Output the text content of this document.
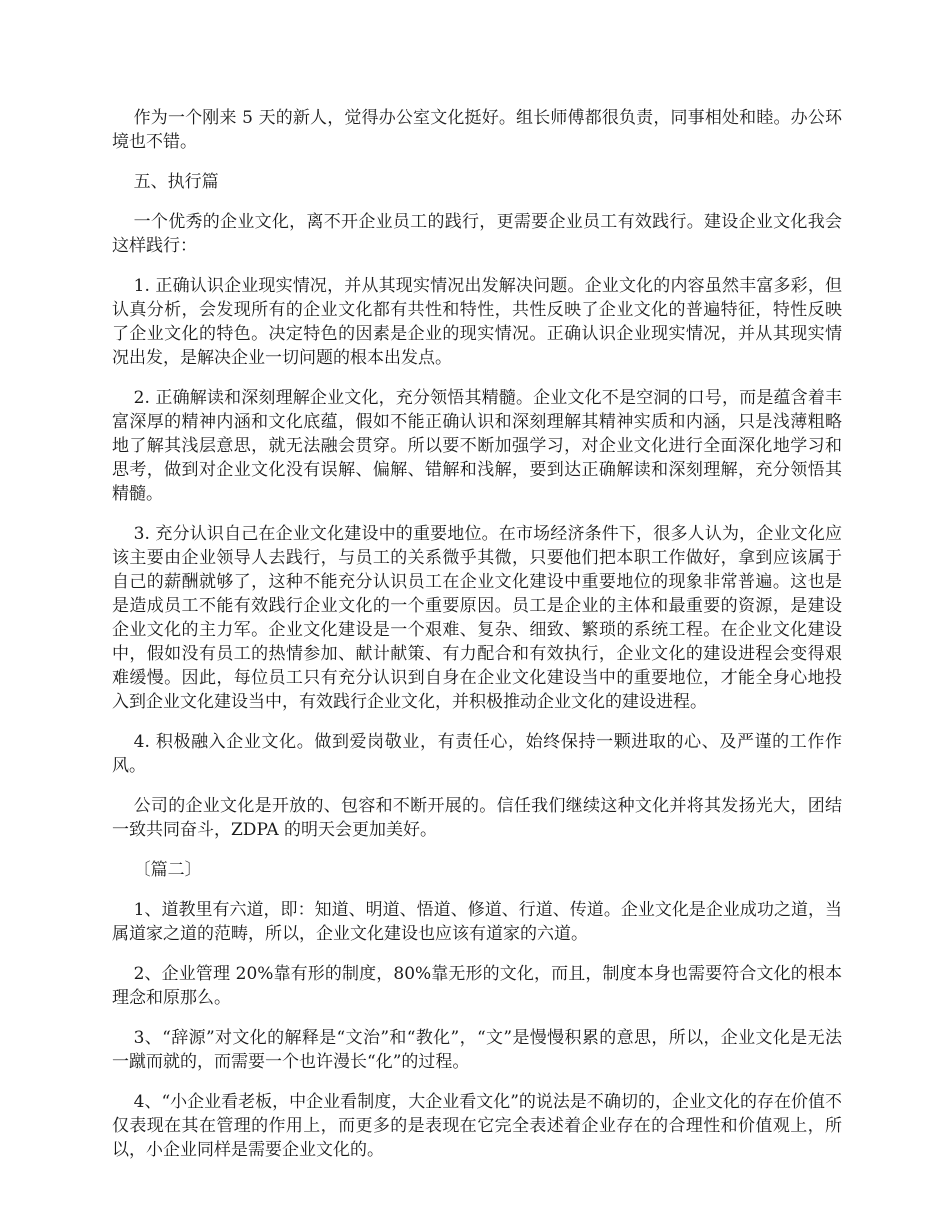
作为一个刚来 5 天的新人，觉得办公室文化挺好。组长师傅都很负责，同事相处和睦。办公环境也不错。

五、执行篇

一个优秀的企业文化，离不开企业员工的践行，更需要企业员工有效践行。建设企业文化我会这样践行：

1. 正确认识企业现实情况，并从其现实情况出发解决问题。企业文化的内容虽然丰富多彩，但认真分析，会发现所有的企业文化都有共性和特性，共性反映了企业文化的普遍特征，特性反映了企业文化的特色。决定特色的因素是企业的现实情况。正确认识企业现实情况，并从其现实情况出发，是解决企业一切问题的根本出发点。

2. 正确解读和深刻理解企业文化，充分领悟其精髓。企业文化不是空洞的口号，而是蕴含着丰富深厚的精神内涵和文化底蕴，假如不能正确认识和深刻理解其精神实质和内涵，只是浅薄粗略地了解其浅层意思，就无法融会贯穿。所以要不断加强学习，对企业文化进行全面深化地学习和思考，做到对企业文化没有误解、偏解、错解和浅解，要到达正确解读和深刻理解，充分领悟其精髓。

3. 充分认识自己在企业文化建设中的重要地位。在市场经济条件下，很多人认为，企业文化应该主要由企业领导人去践行，与员工的关系微乎其微，只要他们把本职工作做好，拿到应该属于自己的薪酬就够了，这种不能充分认识员工在企业文化建设中重要地位的现象非常普遍。这也是是造成员工不能有效践行企业文化的一个重要原因。员工是企业的主体和最重要的资源，是建设企业文化的主力军。企业文化建设是一个艰难、复杂、细致、繁琐的系统工程。在企业文化建设中，假如没有员工的热情参加、献计献策、有力配合和有效执行，企业文化的建设进程会变得艰难缓慢。因此，每位员工只有充分认识到自身在企业文化建设当中的重要地位，才能全身心地投入到企业文化建设当中，有效践行企业文化，并积极推动企业文化的建设进程。

4. 积极融入企业文化。做到爱岗敬业，有责任心，始终保持一颗进取的心、及严谨的工作作风。

公司的企业文化是开放的、包容和不断开展的。信任我们继续这种文化并将其发扬光大，团结一致共同奋斗，ZDPA 的明天会更加美好。

〔篇二〕

1、道教里有六道，即：知道、明道、悟道、修道、行道、传道。企业文化是企业成功之道，当属道家之道的范畴，所以，企业文化建设也应该有道家的六道。

2、企业管理 20%靠有形的制度，80%靠无形的文化，而且，制度本身也需要符合文化的根本理念和原那么。

3、“辞源”对文化的解释是“文治”和“教化”，“文”是慢慢积累的意思，所以，企业文化是无法一蹴而就的，而需要一个也许漫长“化”的过程。

4、“小企业看老板，中企业看制度，大企业看文化”的说法是不确切的，企业文化的存在价值不仅表现在其在管理的作用上，而更多的是表现在它完全表述着企业存在的合理性和价值观上，所以，小企业同样是需要企业文化的。
